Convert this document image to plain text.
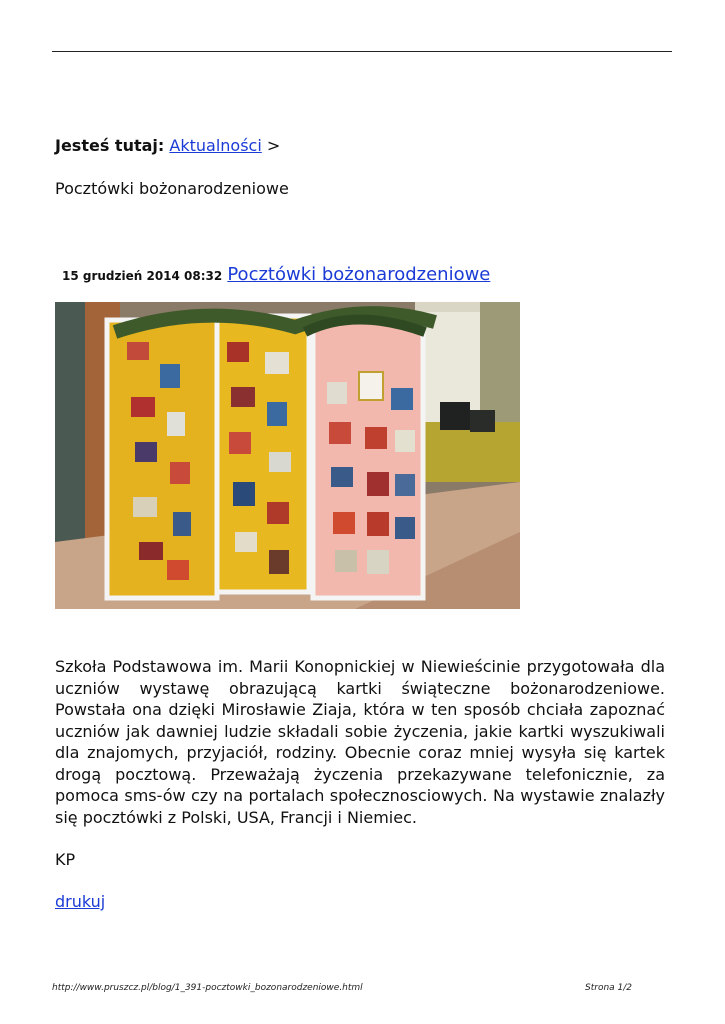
Jesteś tutaj: Aktualności >
Pocztówki bożonarodzeniowe
15 grudzień 2014 08:32 Pocztówki bożonarodzeniowe

Szkoła Podstawowa im. Marii Konopnickiej w Niewieścinie przygotowała dla uczniów wystawę obrazującą kartki świąteczne bożonarodzeniowe. Powstała ona dzięki Mirosławie Ziaja, która w ten sposób chciała zapoznać uczniów jak dawniej ludzie składali sobie życzenia, jakie kartki wyszukiwali dla znajomych, przyjaciół, rodziny. Obecnie coraz mniej wysyła się kartek drogą pocztową. Przeważają życzenia przekazywane telefonicznie, za pomoca sms-ów czy na portalach społecznosciowych. Na wystawie znalazły się pocztówki z Polski, USA, Francji i Niemiec.

KP
drukuj
http://www.pruszcz.pl/blog/1_391-pocztowki_bozonarodzeniowe.html	Strona 1/2
